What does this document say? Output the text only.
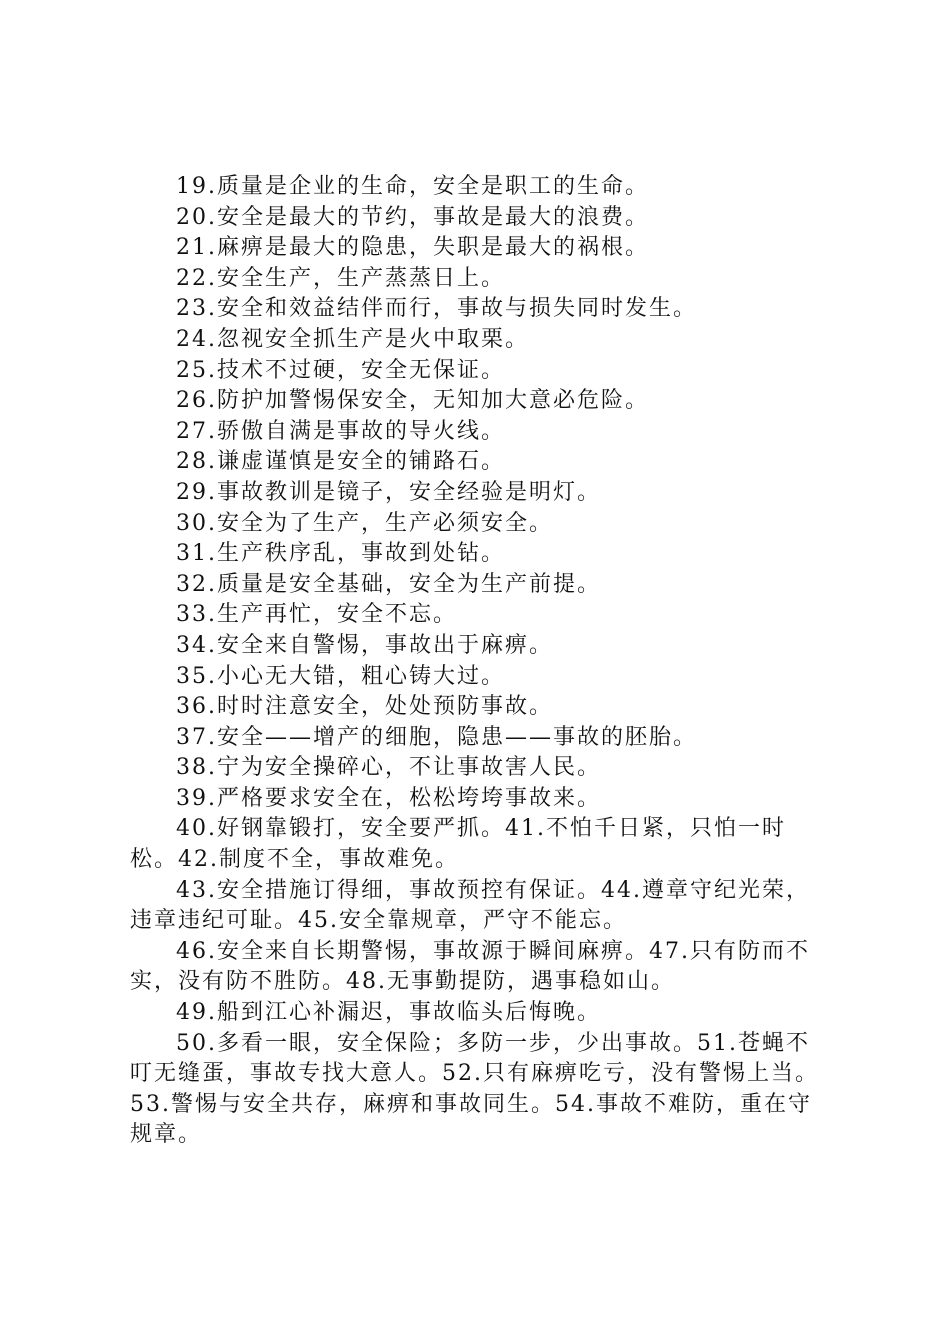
19.质量是企业的生命，安全是职工的生命。

20.安全是最大的节约，事故是最大的浪费。

21.麻痹是最大的隐患，失职是最大的祸根。

22.安全生产，生产蒸蒸日上。

23.安全和效益结伴而行，事故与损失同时发生。

24.忽视安全抓生产是火中取栗。

25.技术不过硬，安全无保证。

26.防护加警惕保安全，无知加大意必危险。

27.骄傲自满是事故的导火线。

28.谦虚谨慎是安全的铺路石。

29.事故教训是镜子，安全经验是明灯。

30.安全为了生产，生产必须安全。

31.生产秩序乱，事故到处钻。

32.质量是安全基础，安全为生产前提。

33.生产再忙，安全不忘。

34.安全来自警惕，事故出于麻痹。

35.小心无大错，粗心铸大过。

36.时时注意安全，处处预防事故。

37.安全——增产的细胞，隐患——事故的胚胎。

38.宁为安全操碎心，不让事故害人民。

39.严格要求安全在，松松垮垮事故来。

40.好钢靠锻打，安全要严抓。41.不怕千日紧，只怕一时松。42.制度不全，事故难免。

43.安全措施订得细，事故预控有保证。44.遵章守纪光荣，违章违纪可耻。45.安全靠规章，严守不能忘。

46.安全来自长期警惕，事故源于瞬间麻痹。47.只有防而不实，没有防不胜防。48.无事勤提防，遇事稳如山。

49.船到江心补漏迟，事故临头后悔晚。

50.多看一眼，安全保险；多防一步，少出事故。51.苍蝇不叮无缝蛋，事故专找大意人。52.只有麻痹吃亏，没有警惕上当。53.警惕与安全共存，麻痹和事故同生。54.事故不难防，重在守规章。
